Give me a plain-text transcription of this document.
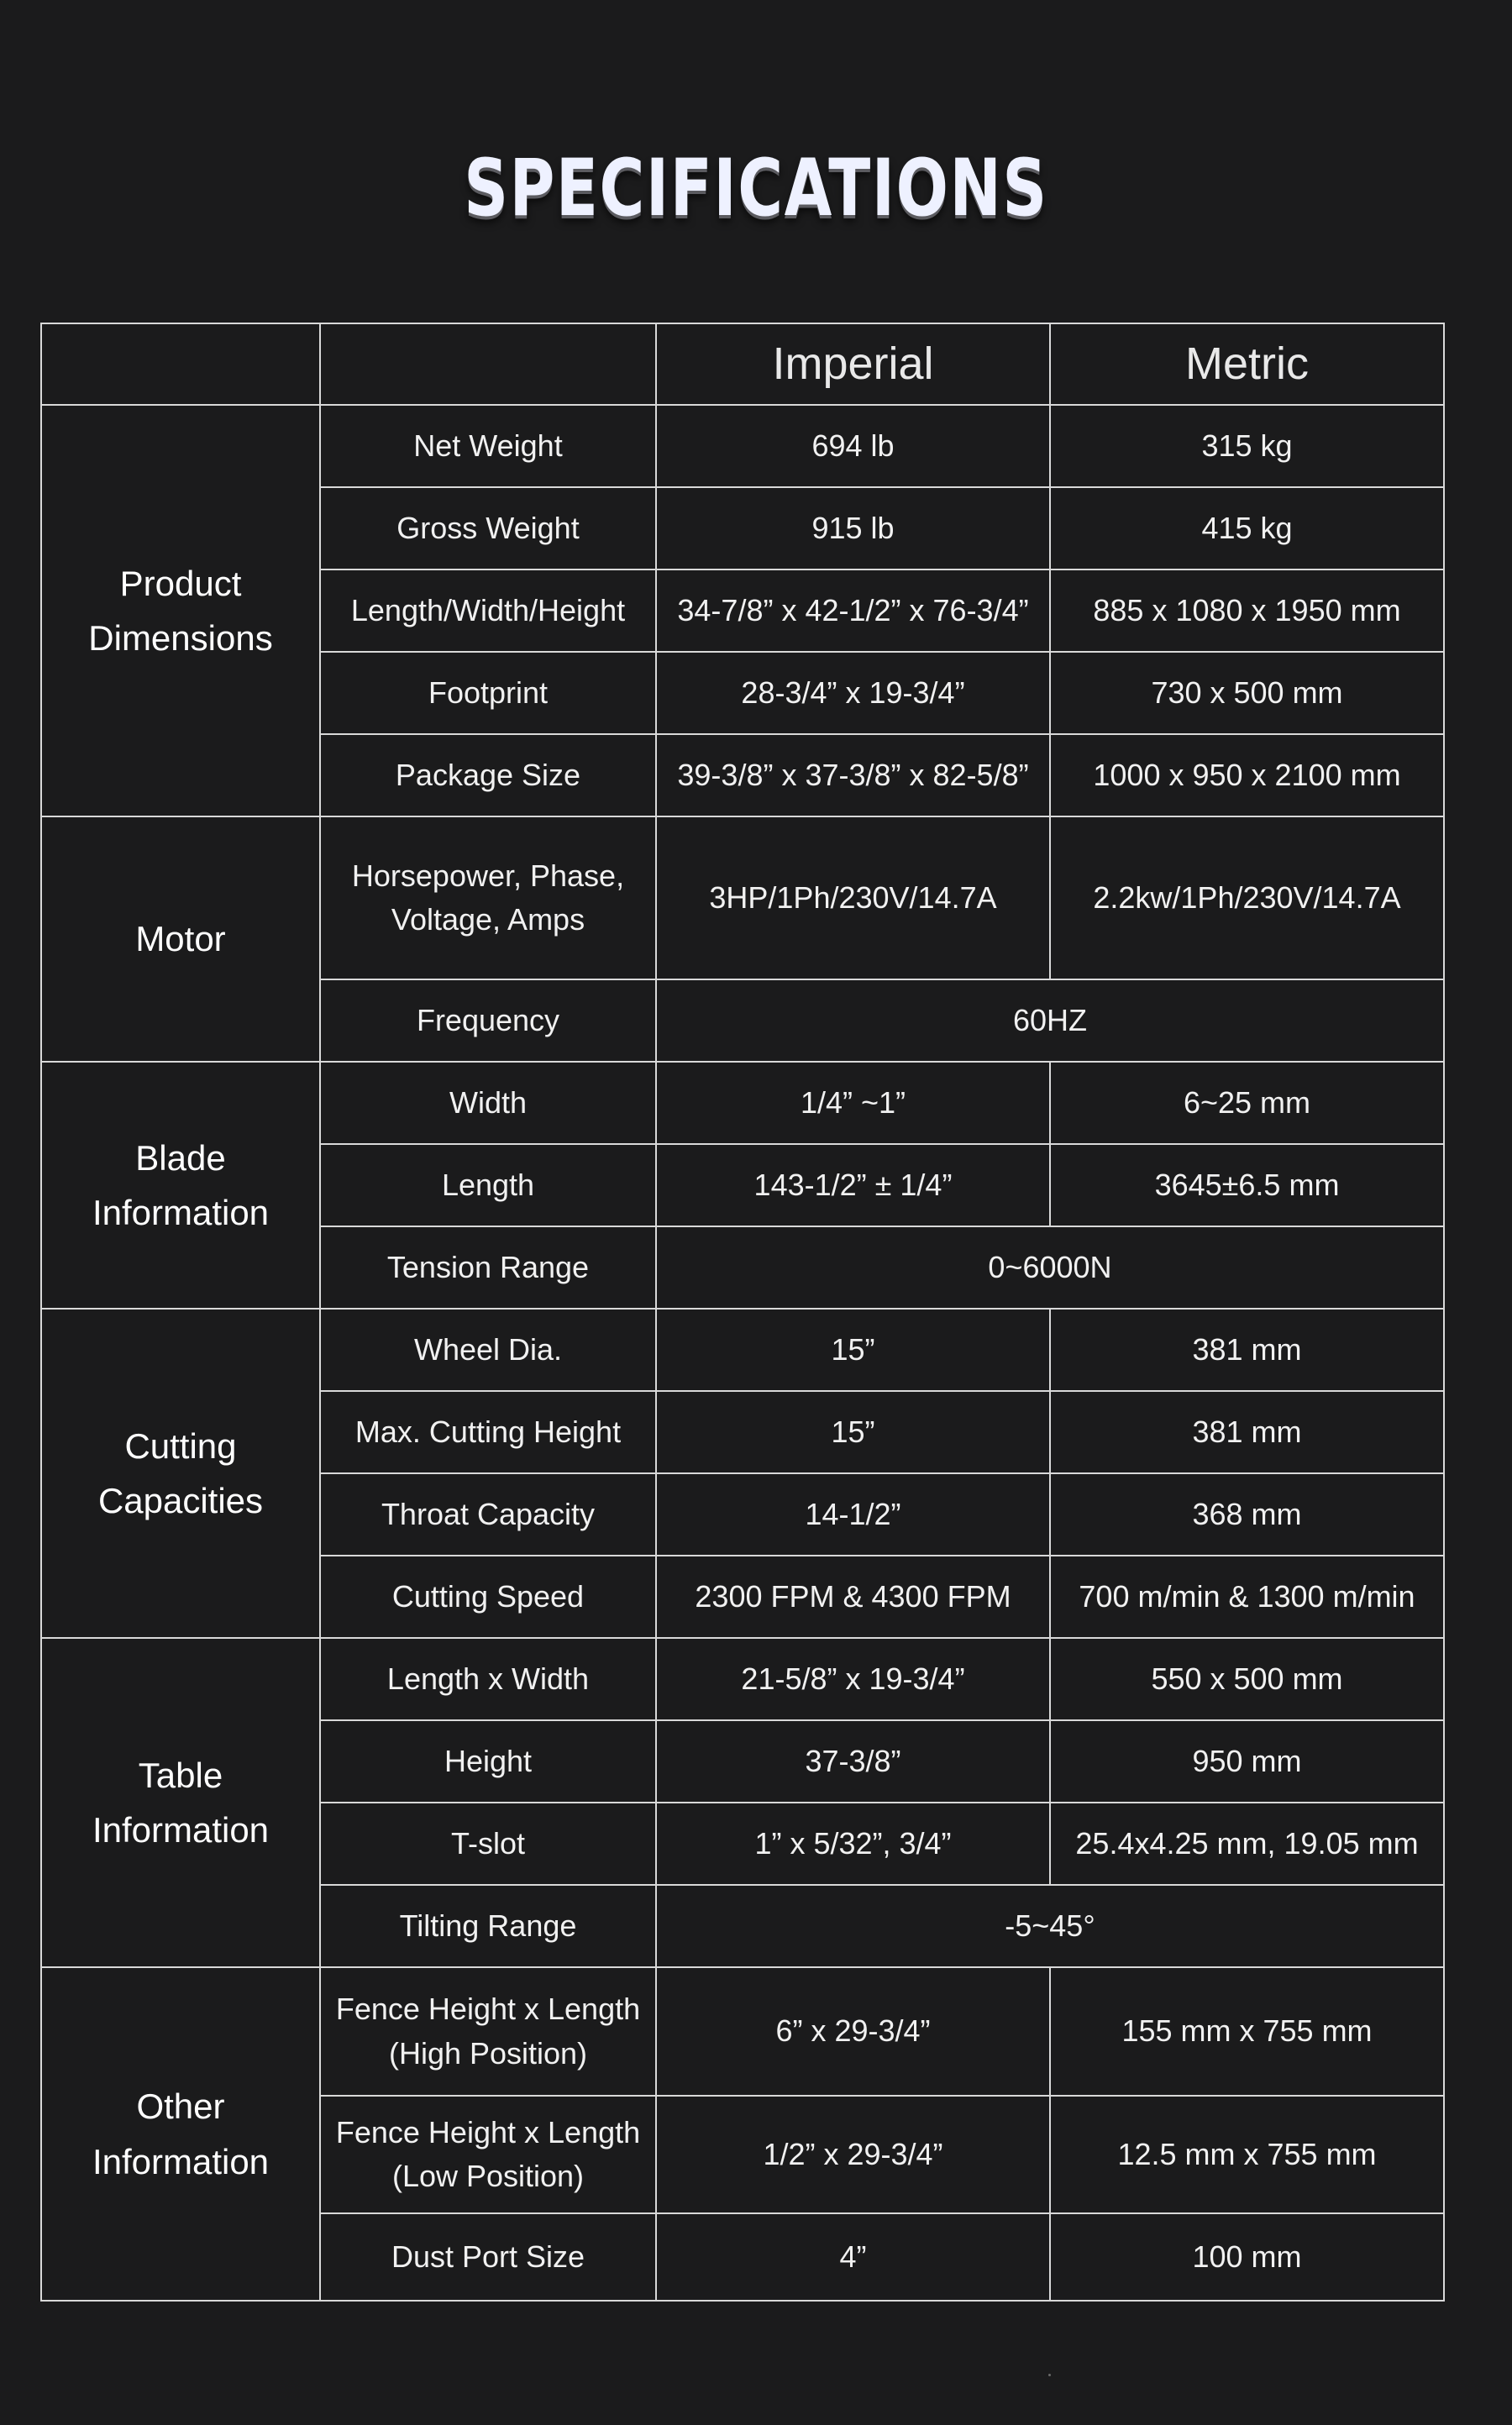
SPECIFICATIONS
		Imperial	Metric
Product Dimensions	Net Weight	694 lb	315 kg
	Gross Weight	915 lb	415 kg
	Length/Width/Height	34-7/8” x 42-1/2” x 76-3/4”	885 x 1080 x 1950 mm
	Footprint	28-3/4” x 19-3/4”	730 x 500 mm
	Package Size	39-3/8” x 37-3/8” x 82-5/8”	1000 x 950 x 2100 mm
Motor	Horsepower, Phase, Voltage, Amps	3HP/1Ph/230V/14.7A	2.2kw/1Ph/230V/14.7A
	Frequency	60HZ	
Blade Information	Width	1/4” ~1”	6~25 mm
	Length	143-1/2” ± 1/4”	3645±6.5 mm
	Tension Range	0~6000N	
Cutting Capacities	Wheel Dia.	15”	381 mm
	Max. Cutting Height	15”	381 mm
	Throat Capacity	14-1/2”	368 mm
	Cutting Speed	2300 FPM & 4300 FPM	700 m/min & 1300 m/min
Table Information	Length x Width	21-5/8” x 19-3/4”	550 x 500 mm
	Height	37-3/8”	950 mm
	T-slot	1” x 5/32”, 3/4”	25.4x4.25 mm, 19.05 mm
	Tilting Range	-5~45°	
Other Information	Fence Height x Length (High Position)	6” x 29-3/4”	155 mm x 755 mm
	Fence Height x Length (Low Position)	1/2” x 29-3/4”	12.5 mm x 755 mm
	Dust Port Size	4”	100 mm
